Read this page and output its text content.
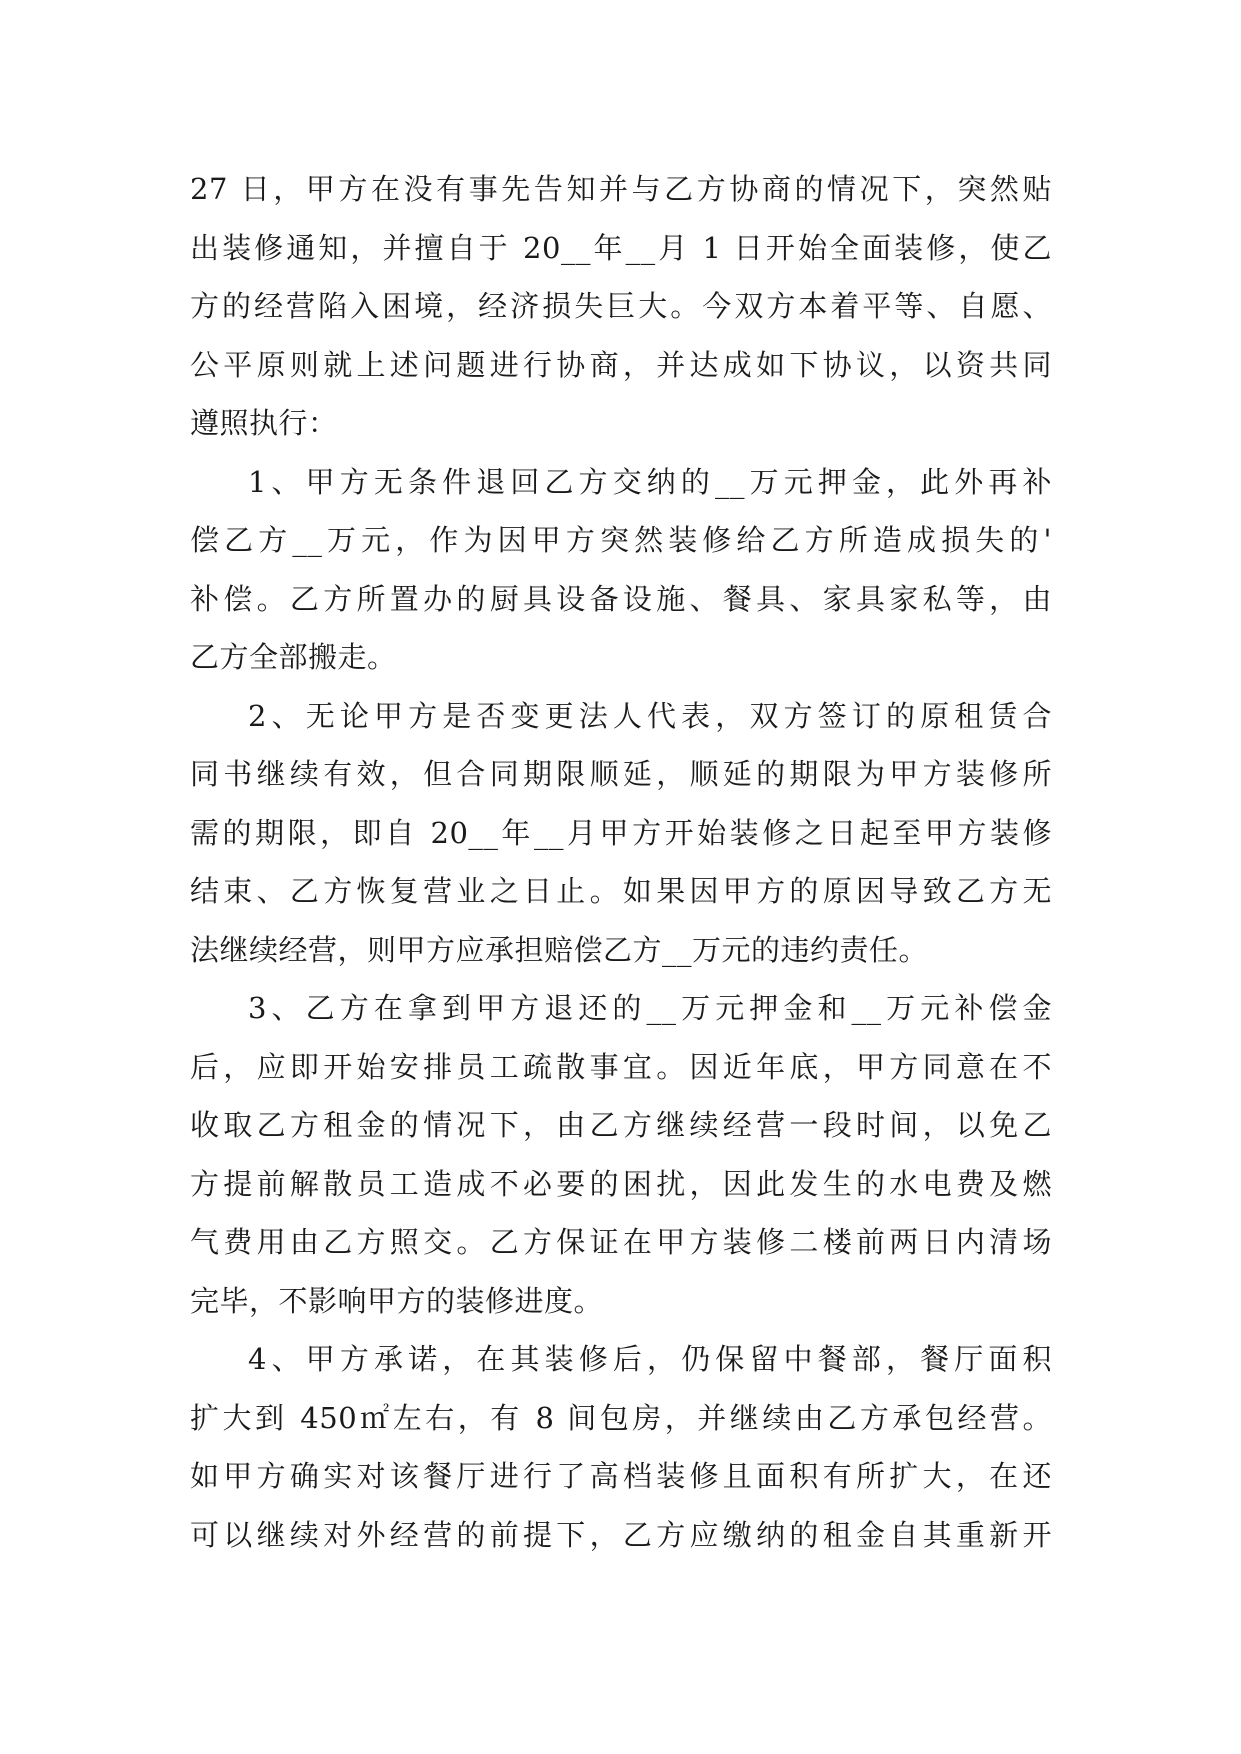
27 日，甲方在没有事先告知并与乙方协商的情况下，突然贴
出装修通知，并擅自于 20__年__月 1 日开始全面装修，使乙
方的经营陷入困境，经济损失巨大。今双方本着平等、自愿、
公平原则就上述问题进行协商，并达成如下协议，以资共同
遵照执行：
1、甲方无条件退回乙方交纳的__万元押金，此外再补
偿乙方__万元，作为因甲方突然装修给乙方所造成损失的'
补偿。乙方所置办的厨具设备设施、餐具、家具家私等，由
乙方全部搬走。
2、无论甲方是否变更法人代表，双方签订的原租赁合
同书继续有效，但合同期限顺延，顺延的期限为甲方装修所
需的期限，即自 20__年__月甲方开始装修之日起至甲方装修
结束、乙方恢复营业之日止。如果因甲方的原因导致乙方无
法继续经营，则甲方应承担赔偿乙方__万元的违约责任。
3、乙方在拿到甲方退还的__万元押金和__万元补偿金
后，应即开始安排员工疏散事宜。因近年底，甲方同意在不
收取乙方租金的情况下，由乙方继续经营一段时间，以免乙
方提前解散员工造成不必要的困扰，因此发生的水电费及燃
气费用由乙方照交。乙方保证在甲方装修二楼前两日内清场
完毕，不影响甲方的装修进度。
4、甲方承诺，在其装修后，仍保留中餐部，餐厅面积
扩大到 450㎡左右，有 8 间包房，并继续由乙方承包经营。
如甲方确实对该餐厅进行了高档装修且面积有所扩大，在还
可以继续对外经营的前提下，乙方应缴纳的租金自其重新开
